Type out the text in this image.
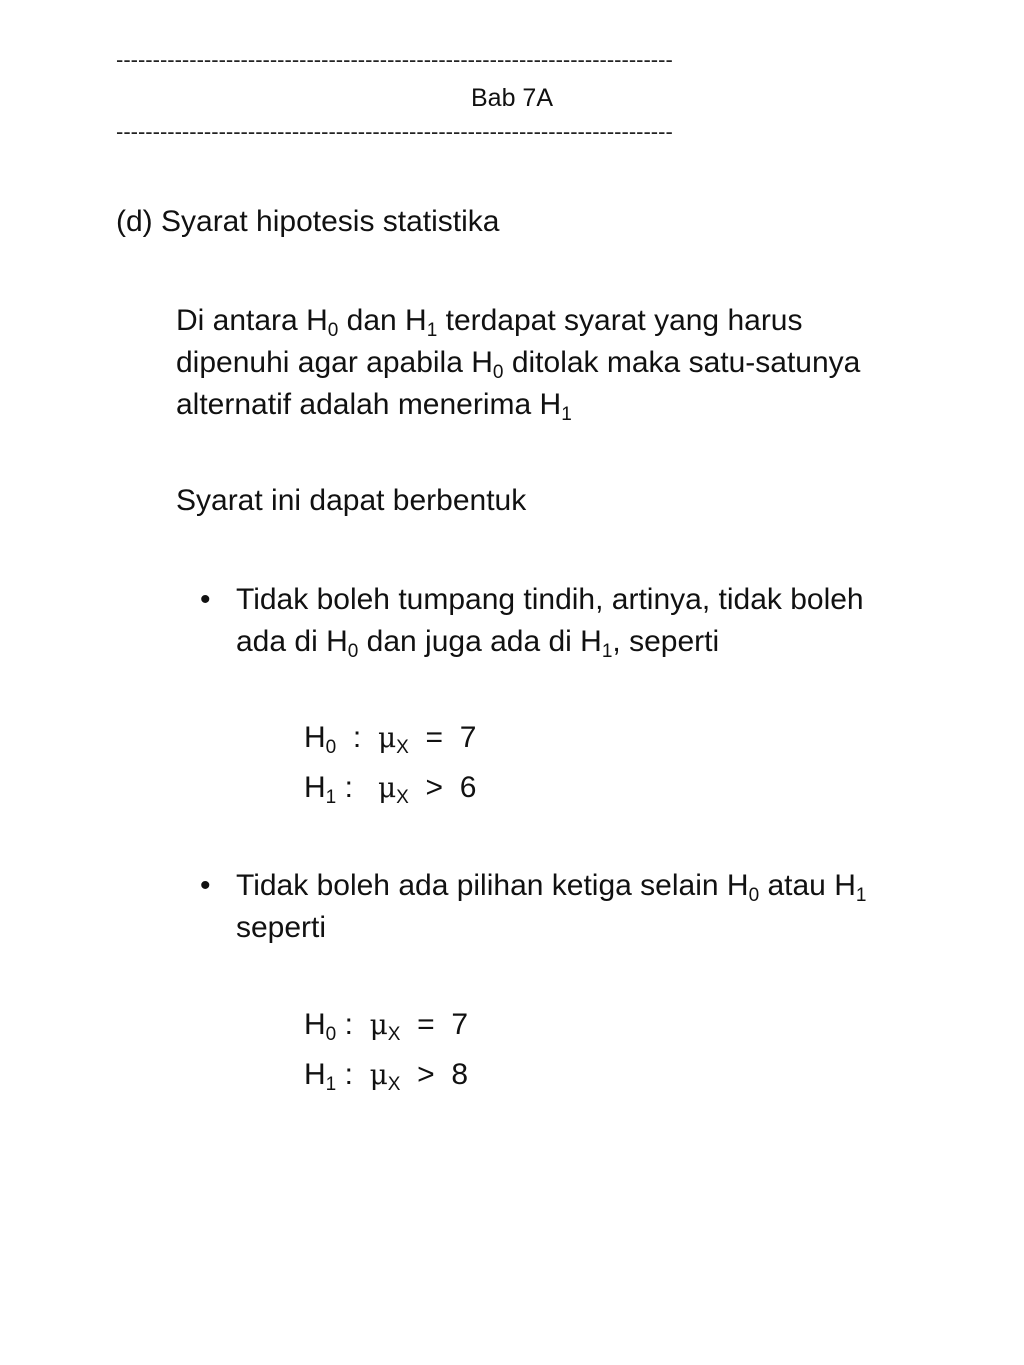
----------------------------------------------------------------------------
Bab 7A
----------------------------------------------------------------------------
(d) Syarat hipotesis statistika
Di antara $H_0$ dan $H_1$ terdapat syarat yang harus
dipenuhi agar apabila $H_0$ ditolak maka satu-satunya
alternatif adalah menerima $H_1$
Syarat ini dapat berbentuk
• Tidak boleh tumpang tindih, artinya, tidak boleh
ada di $H_0$ dan juga ada di $H_1$, seperti
$H_0$  :  $\mu_X = 7$
$H_1$ :   $\mu_X > 6$
• Tidak boleh ada pilihan ketiga selain $H_0$ atau $H_1$
seperti
$H_0$ :  $\mu_X = 7$
$H_1$ :  $\mu_X > 8$
